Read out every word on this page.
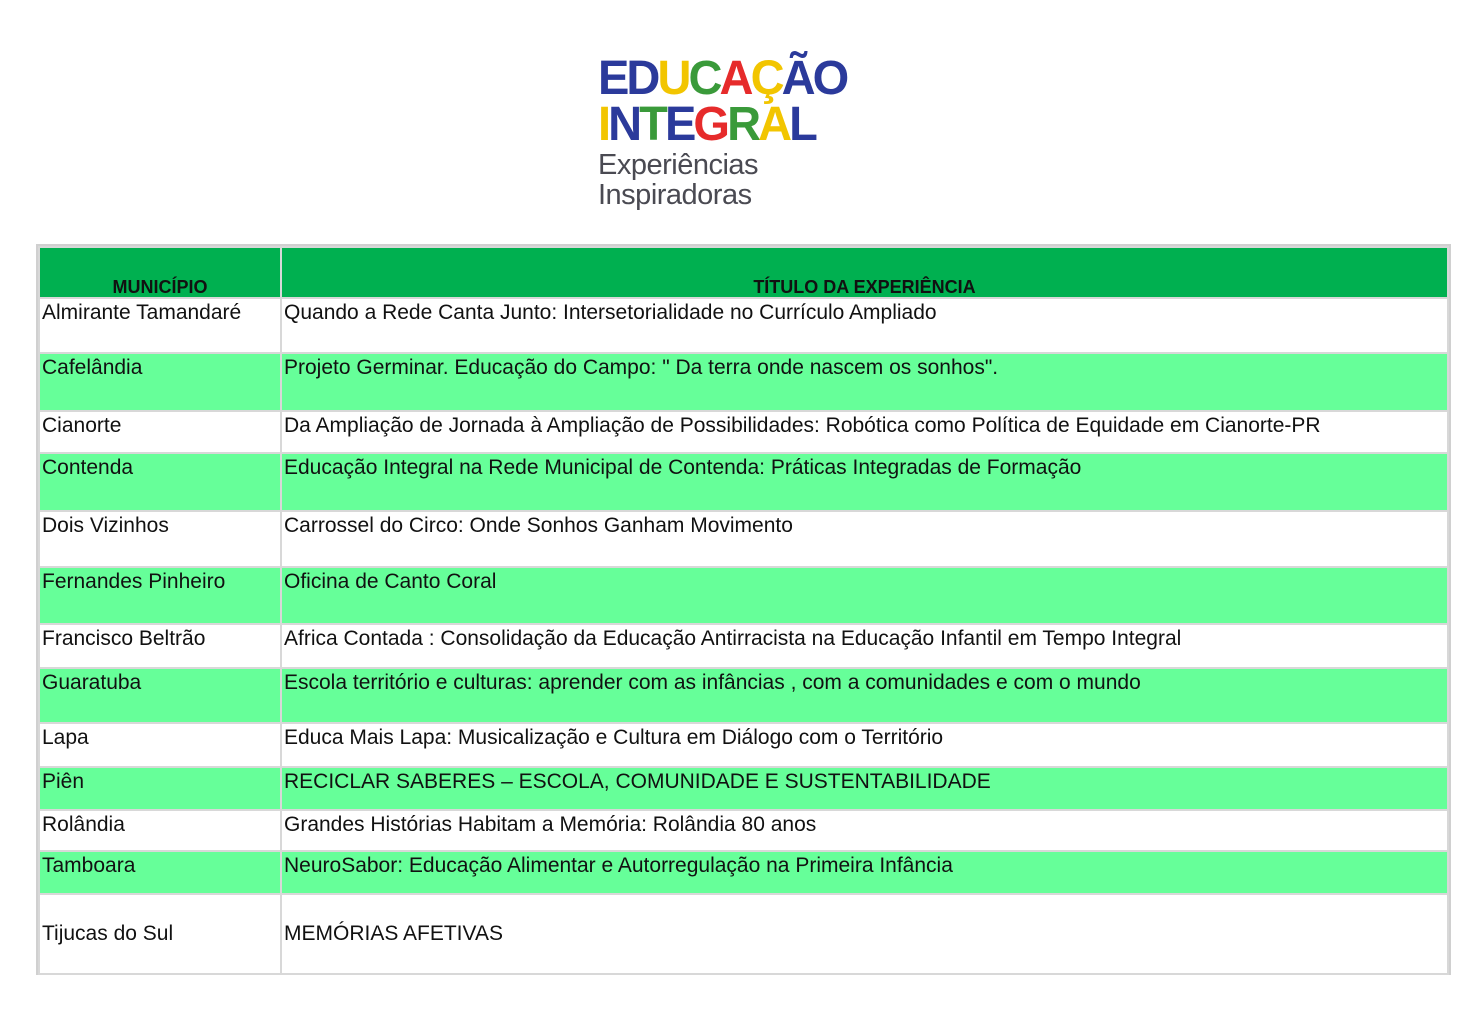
EDUCAÇÃO
INTEGRAL
Experiências
Inspiradoras
MUNICÍPIO	TÍTULO DA EXPERIÊNCIA
Almirante Tamandaré	Quando a Rede Canta Junto: Intersetorialidade no Currículo Ampliado
Cafelândia	Projeto Germinar. Educação do Campo: " Da terra onde nascem os sonhos".
Cianorte	Da Ampliação de Jornada à Ampliação de Possibilidades: Robótica como Política de Equidade em Cianorte-PR
Contenda	Educação Integral na Rede Municipal de Contenda: Práticas Integradas de Formação
Dois Vizinhos	Carrossel do Circo: Onde Sonhos Ganham Movimento
Fernandes Pinheiro	Oficina de Canto Coral
Francisco Beltrão	Africa Contada : Consolidação da Educação Antirracista na Educação Infantil em Tempo Integral
Guaratuba	Escola território e culturas: aprender com as infâncias , com a comunidades e com o mundo
Lapa	Educa Mais Lapa: Musicalização e Cultura em Diálogo com o Território
Piên	RECICLAR SABERES – ESCOLA, COMUNIDADE E SUSTENTABILIDADE
Rolândia	Grandes Histórias Habitam a Memória: Rolândia 80 anos
Tamboara	NeuroSabor: Educação Alimentar e Autorregulação na Primeira Infância
Tijucas do Sul	MEMÓRIAS AFETIVAS
